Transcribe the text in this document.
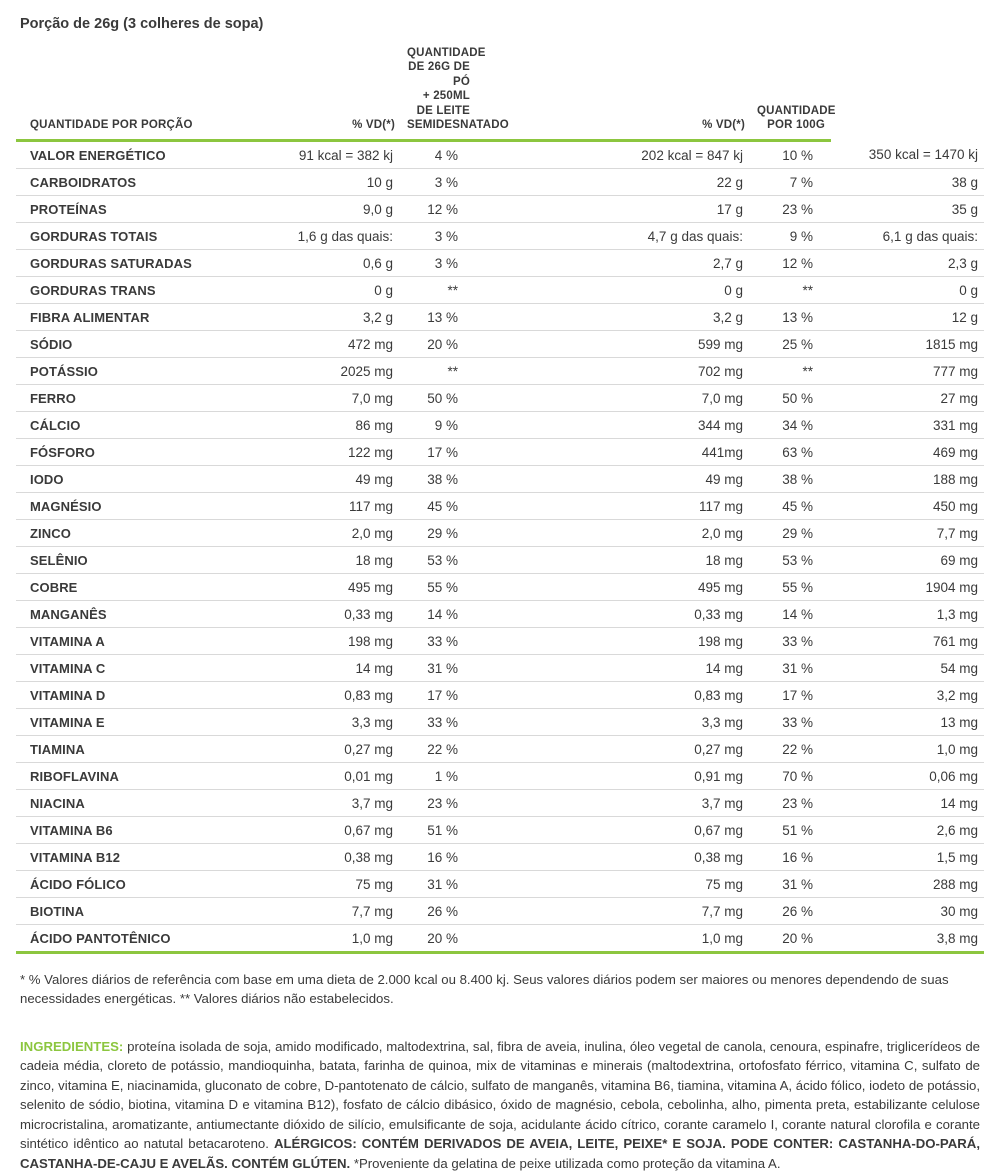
Porção de 26g (3 colheres de sopa)
QUANTIDADE POR PORÇÃO	% VD(*)	QUANTIDADE DE 26G DE PÓ
+ 250ML DE LEITE SEMIDESNATADO	% VD(*)	QUANTIDADE
POR 100G	
VALOR ENERGÉTICO	91 kcal = 382 kj	4 %	202 kcal = 847 kj	10 %	350 kcal = 1470 kj
CARBOIDRATOS	10 g	3 %	22 g	7 %	38 g
PROTEÍNAS	9,0 g	12 %	17 g	23 %	35 g
GORDURAS TOTAIS	1,6 g das quais:	3 %	4,7 g das quais:	9 %	6,1 g das quais:
GORDURAS SATURADAS	0,6 g	3 %	2,7 g	12 %	2,3 g
GORDURAS TRANS	0 g	**	0 g	**	0 g
FIBRA ALIMENTAR	3,2 g	13 %	3,2 g	13 %	12 g
SÓDIO	472 mg	20 %	599 mg	25 %	1815 mg
POTÁSSIO	2025 mg	**	702 mg	**	777 mg
FERRO	7,0 mg	50 %	7,0 mg	50 %	27 mg
CÁLCIO	86 mg	9 %	344 mg	34 %	331 mg
FÓSFORO	122 mg	17 %	441mg	63 %	469 mg
IODO	49 mg	38 %	49 mg	38 %	188 mg
MAGNÉSIO	117 mg	45 %	117 mg	45 %	450 mg
ZINCO	2,0 mg	29 %	2,0 mg	29 %	7,7 mg
SELÊNIO	18 mg	53 %	18 mg	53 %	69 mg
COBRE	495 mg	55 %	495 mg	55 %	1904 mg
MANGANÊS	0,33 mg	14 %	0,33 mg	14 %	1,3 mg
VITAMINA A	198 mg	33 %	198 mg	33 %	761 mg
VITAMINA C	14 mg	31 %	14 mg	31 %	54 mg
VITAMINA D	0,83 mg	17 %	0,83 mg	17 %	3,2 mg
VITAMINA E	3,3 mg	33 %	3,3 mg	33 %	13 mg
TIAMINA	0,27 mg	22 %	0,27 mg	22 %	1,0 mg
RIBOFLAVINA	0,01 mg	1 %	0,91 mg	70 %	0,06 mg
NIACINA	3,7 mg	23 %	3,7 mg	23 %	14 mg
VITAMINA B6	0,67 mg	51 %	0,67 mg	51 %	2,6 mg
VITAMINA B12	0,38 mg	16 %	0,38 mg	16 %	1,5 mg
ÁCIDO FÓLICO	75 mg	31 %	75 mg	31 %	288 mg
BIOTINA	7,7 mg	26 %	7,7 mg	26 %	30 mg
ÁCIDO PANTOTÊNICO	1,0 mg	20 %	1,0 mg	20 %	3,8 mg
* % Valores diários de referência com base em uma dieta de 2.000 kcal ou 8.400 kj. Seus valores diários podem ser maiores ou menores dependendo de suas necessidades energéticas. ** Valores diários não estabelecidos.
INGREDIENTES: proteína isolada de soja, amido modificado, maltodextrina, sal, fibra de aveia, inulina, óleo vegetal de canola, cenoura, espinafre, triglicerídeos de cadeia média, cloreto de potássio, mandioquinha, batata, farinha de quinoa, mix de vitaminas e minerais (maltodextrina, ortofosfato férrico, vitamina C, sulfato de zinco, vitamina E, niacinamida, gluconato de cobre, D-pantotenato de cálcio, sulfato de manganês, vitamina B6, tiamina, vitamina A, ácido fólico, iodeto de potássio, selenito de sódio, biotina, vitamina D e vitamina B12), fosfato de cálcio dibásico, óxido de magnésio, cebola, cebolinha, alho, pimenta preta, estabilizante celulose microcristalina, aromatizante, antiumectante dióxido de silício, emulsificante de soja, acidulante ácido cítrico, corante caramelo I, corante natural clorofila e corante sintético idêntico ao natutal betacaroteno. ALÉRGICOS: CONTÉM DERIVADOS DE AVEIA, LEITE, PEIXE* E SOJA. PODE CONTER: CASTANHA-DO-PARÁ, CASTANHA-DE-CAJU E AVELÃS. CONTÉM GLÚTEN. *Proveniente da gelatina de peixe utilizada como proteção da vitamina A.
